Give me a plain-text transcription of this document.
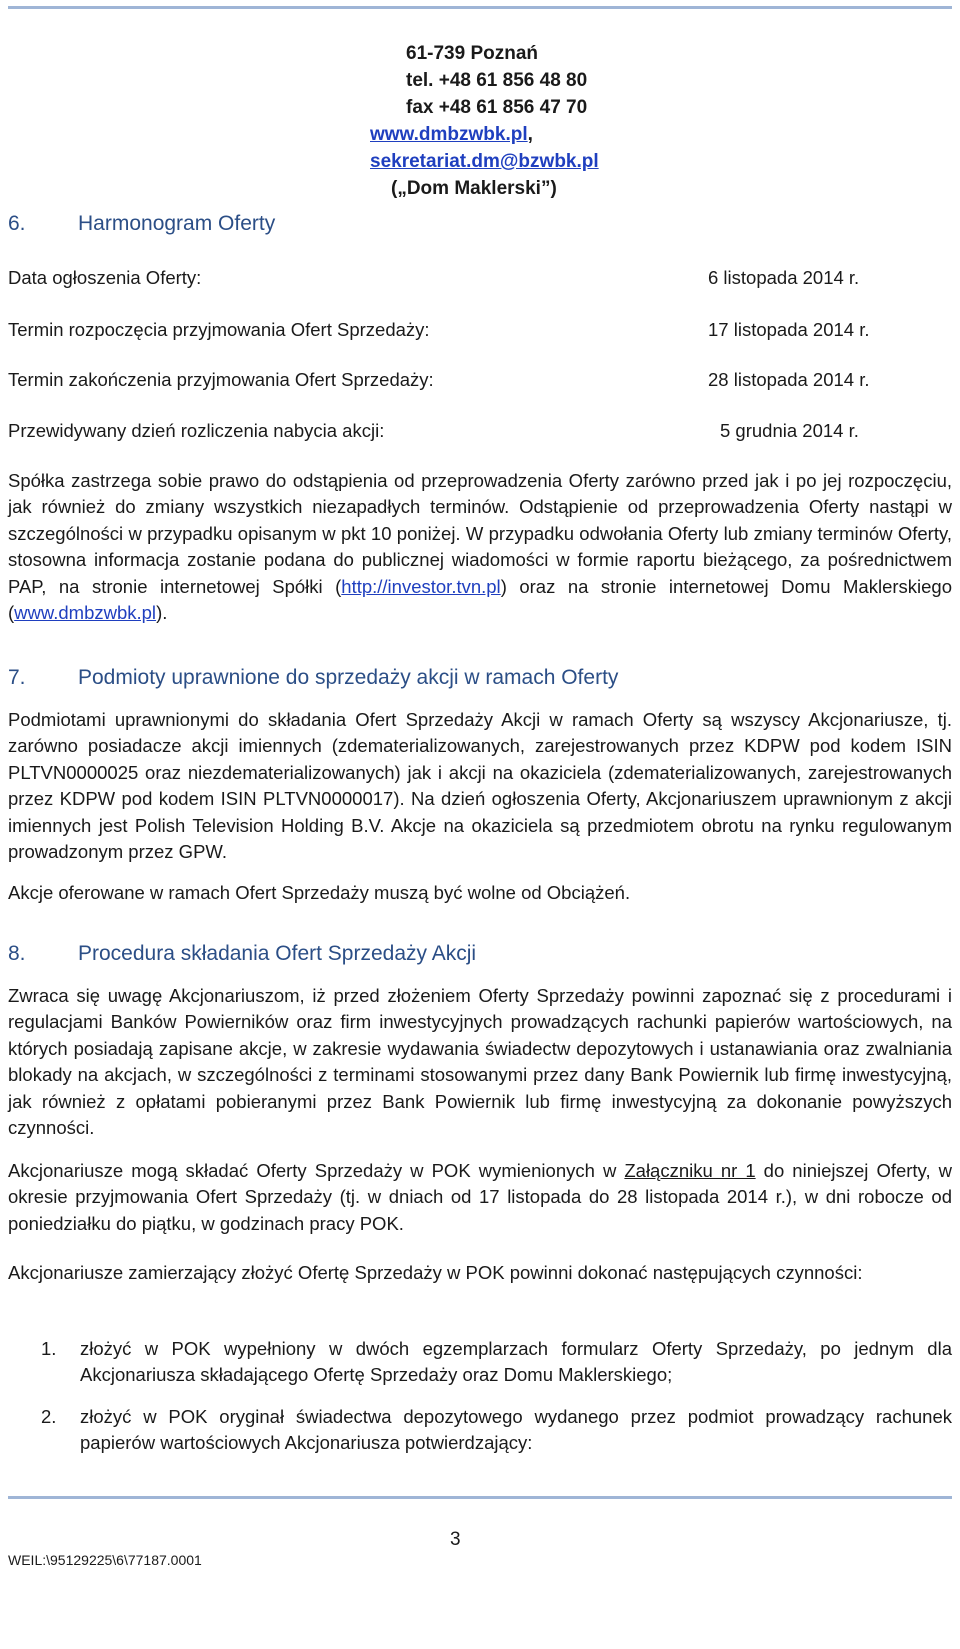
61-739 Poznań
tel. +48 61 856 48 80
fax +48 61 856 47 70
www.dmbzwbk.pl, sekretariat.dm@bzwbk.pl
(„Dom Maklerski”)
6. Harmonogram Oferty
Data ogłoszenia Oferty:	6 listopada 2014 r.
Termin rozpoczęcia przyjmowania Ofert Sprzedaży:	17 listopada 2014 r.
Termin zakończenia przyjmowania Ofert Sprzedaży:	28 listopada 2014 r.
Przewidywany dzień rozliczenia nabycia akcji:	5 grudnia 2014 r.
Spółka zastrzega sobie prawo do odstąpienia od przeprowadzenia Oferty zarówno przed jak i po jej rozpoczęciu, jak również do zmiany wszystkich niezapadłych terminów. Odstąpienie od przeprowadzenia Oferty nastąpi w szczególności w przypadku opisanym w pkt 10 poniżej. W przypadku odwołania Oferty lub zmiany terminów Oferty, stosowna informacja zostanie podana do publicznej wiadomości w formie raportu bieżącego, za pośrednictwem PAP, na stronie internetowej Spółki (http://investor.tvn.pl) oraz na stronie internetowej Domu Maklerskiego (www.dmbzwbk.pl).
7. Podmioty uprawnione do sprzedaży akcji w ramach Oferty
Podmiotami uprawnionymi do składania Ofert Sprzedaży Akcji w ramach Oferty są wszyscy Akcjonariusze, tj. zarówno posiadacze akcji imiennych (zdematerializowanych, zarejestrowanych przez KDPW pod kodem ISIN PLTVN0000025 oraz niezdematerializowanych) jak i akcji na okaziciela (zdematerializowanych, zarejestrowanych przez KDPW pod kodem ISIN PLTVN0000017). Na dzień ogłoszenia Oferty, Akcjonariuszem uprawnionym z akcji imiennych jest Polish Television Holding B.V. Akcje na okaziciela są przedmiotem obrotu na rynku regulowanym prowadzonym przez GPW.
Akcje oferowane w ramach Ofert Sprzedaży muszą być wolne od Obciążeń.
8. Procedura składania Ofert Sprzedaży Akcji
Zwraca się uwagę Akcjonariuszom, iż przed złożeniem Oferty Sprzedaży powinni zapoznać się z procedurami i regulacjami Banków Powierników oraz firm inwestycyjnych prowadzących rachunki papierów wartościowych, na których posiadają zapisane akcje, w zakresie wydawania świadectw depozytowych i ustanawiania oraz zwalniania blokady na akcjach, w szczególności z terminami stosowanymi przez dany Bank Powiernik lub firmę inwestycyjną, jak również z opłatami pobieranymi przez Bank Powiernik lub firmę inwestycyjną za dokonanie powyższych czynności.
Akcjonariusze mogą składać Oferty Sprzedaży w POK wymienionych w Załączniku nr 1 do niniejszej Oferty, w okresie przyjmowania Ofert Sprzedaży (tj. w dniach od 17 listopada do 28 listopada 2014 r.), w dni robocze od poniedziałku do piątku, w godzinach pracy POK.
Akcjonariusze zamierzający złożyć Ofertę Sprzedaży w POK powinni dokonać następujących czynności:
1. złożyć w POK wypełniony w dwóch egzemplarzach formularz Oferty Sprzedaży, po jednym dla Akcjonariusza składającego Ofertę Sprzedaży oraz Domu Maklerskiego;
2. złożyć w POK oryginał świadectwa depozytowego wydanego przez podmiot prowadzący rachunek papierów wartościowych Akcjonariusza potwierdzający:
3
WEIL:\95129225\6\77187.0001
